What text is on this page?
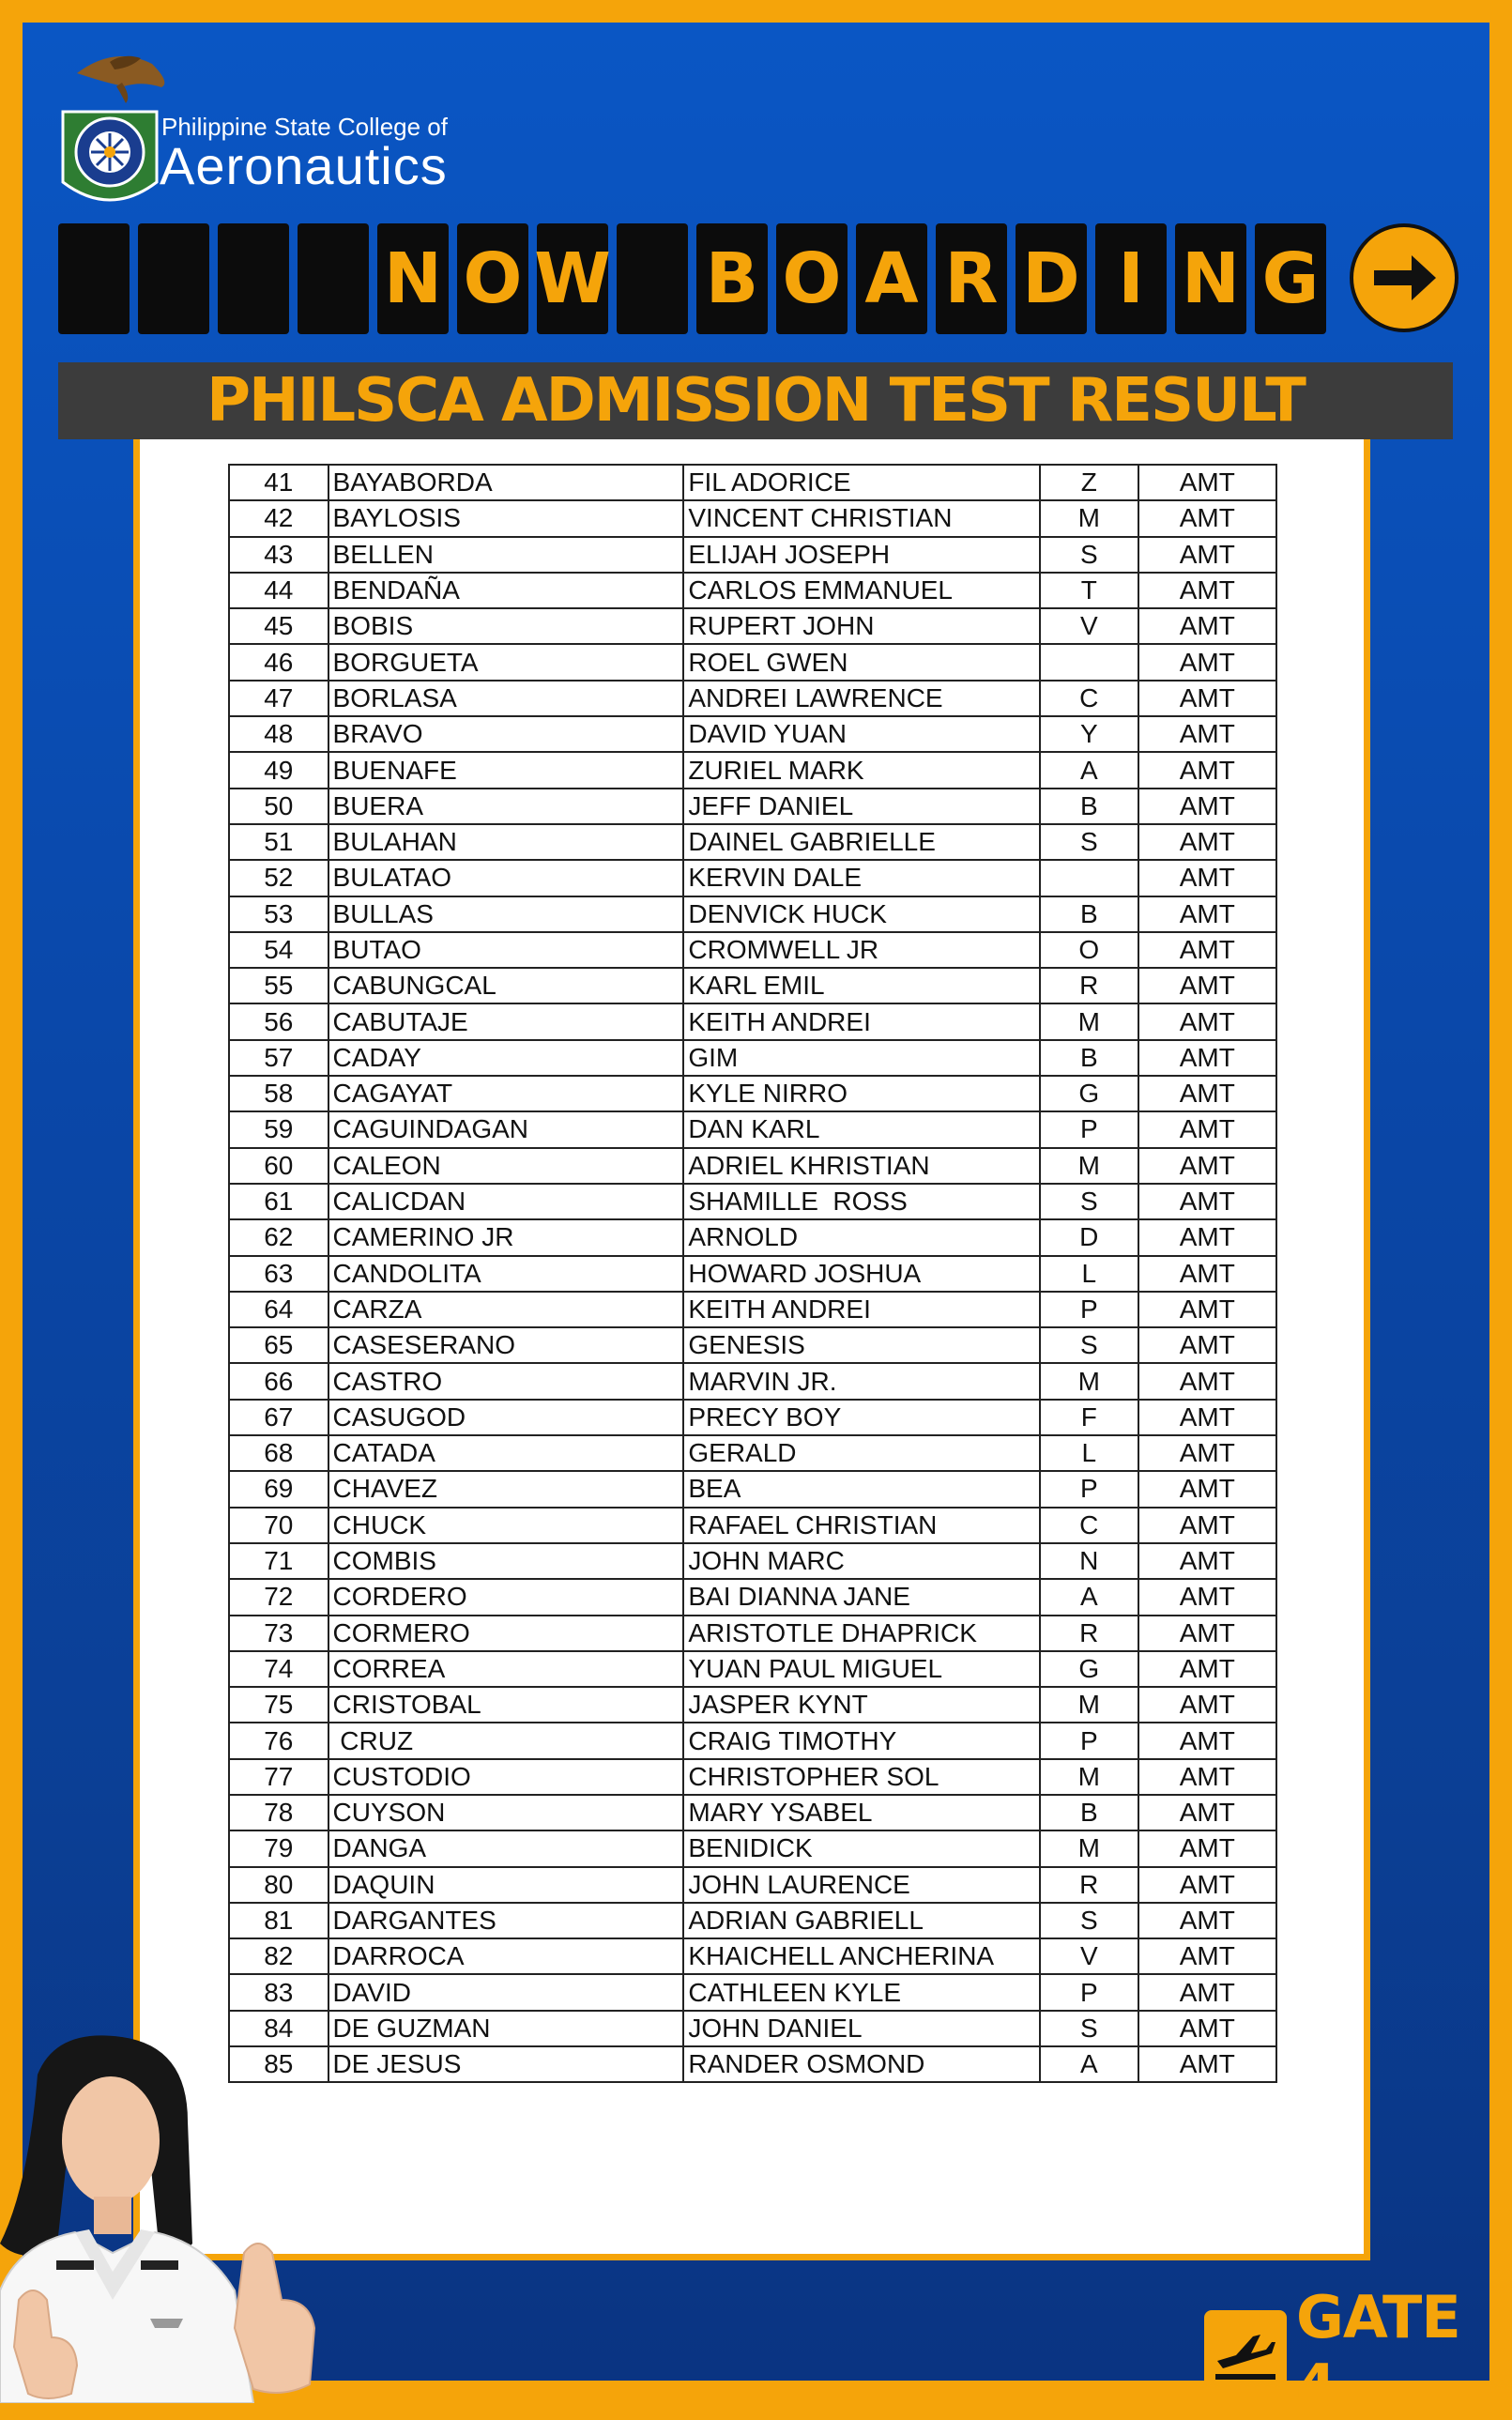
Philippine State College of
Aeronautics
N O W B O A R D I N G
PHILSCA ADMISSION TEST RESULT
41	BAYABORDA	FIL ADORICE	Z	AMT
42	BAYLOSIS	VINCENT CHRISTIAN	M	AMT
43	BELLEN	ELIJAH JOSEPH	S	AMT
44	BENDAÑA	CARLOS EMMANUEL	T	AMT
45	BOBIS	RUPERT JOHN	V	AMT
46	BORGUETA	ROEL GWEN		AMT
47	BORLASA	ANDREI LAWRENCE	C	AMT
48	BRAVO	DAVID YUAN	Y	AMT
49	BUENAFE	ZURIEL MARK	A	AMT
50	BUERA	JEFF DANIEL	B	AMT
51	BULAHAN	DAINEL GABRIELLE	S	AMT
52	BULATAO	KERVIN DALE		AMT
53	BULLAS	DENVICK HUCK	B	AMT
54	BUTAO	CROMWELL JR	O	AMT
55	CABUNGCAL	KARL EMIL	R	AMT
56	CABUTAJE	KEITH ANDREI	M	AMT
57	CADAY	GIM	B	AMT
58	CAGAYAT	KYLE NIRRO	G	AMT
59	CAGUINDAGAN	DAN KARL	P	AMT
60	CALEON	ADRIEL KHRISTIAN	M	AMT
61	CALICDAN	SHAMILLE  ROSS	S	AMT
62	CAMERINO JR	ARNOLD	D	AMT
63	CANDOLITA	HOWARD JOSHUA	L	AMT
64	CARZA	KEITH ANDREI	P	AMT
65	CASESERANO	GENESIS	S	AMT
66	CASTRO	MARVIN JR.	M	AMT
67	CASUGOD	PRECY BOY	F	AMT
68	CATADA	GERALD	L	AMT
69	CHAVEZ	BEA	P	AMT
70	CHUCK	RAFAEL CHRISTIAN	C	AMT
71	COMBIS	JOHN MARC	N	AMT
72	CORDERO	BAI DIANNA JANE	A	AMT
73	CORMERO	ARISTOTLE DHAPRICK	R	AMT
74	CORREA	YUAN PAUL MIGUEL	G	AMT
75	CRISTOBAL	JASPER KYNT	M	AMT
76	CRUZ	CRAIG TIMOTHY	P	AMT
77	CUSTODIO	CHRISTOPHER SOL	M	AMT
78	CUYSON	MARY YSABEL	B	AMT
79	DANGA	BENIDICK	M	AMT
80	DAQUIN	JOHN LAURENCE	R	AMT
81	DARGANTES	ADRIAN GABRIELL	S	AMT
82	DARROCA	KHAICHELL ANCHERINA	V	AMT
83	DAVID	CATHLEEN KYLE	P	AMT
84	DE GUZMAN	JOHN DANIEL	S	AMT
85	DE JESUS	RANDER OSMOND	A	AMT
GATE 4
